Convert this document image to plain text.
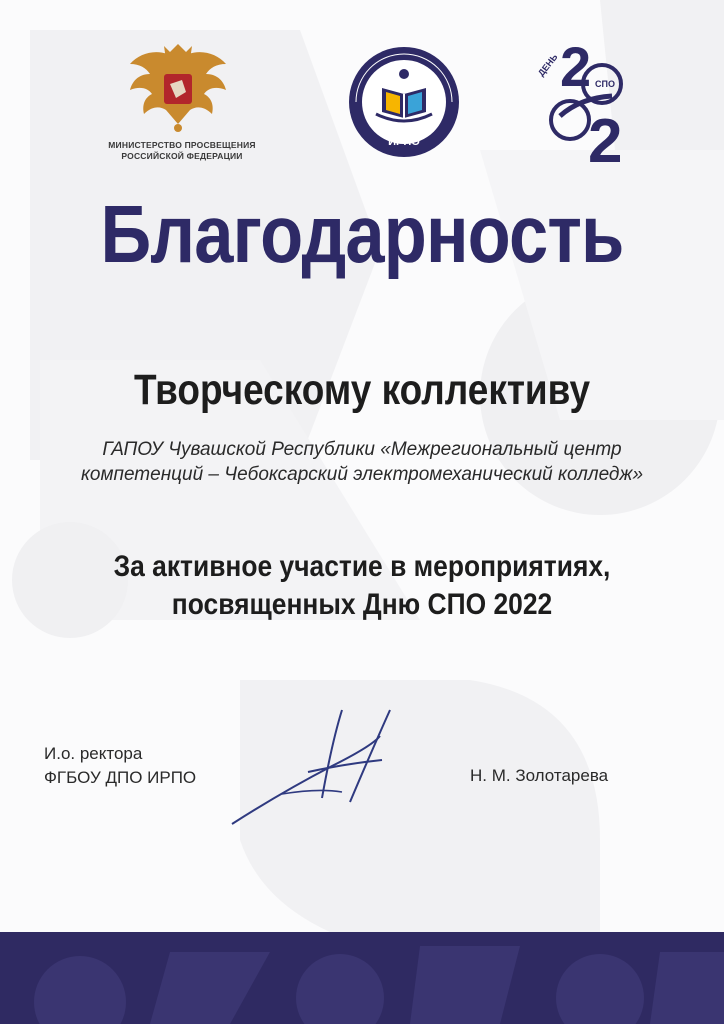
МИНИСТЕРСТВО ПРОСВЕЩЕНИЯ
РОССИЙСКОЙ ФЕДЕРАЦИИ
ИРПО
2
2
ДЕНЬ
СПО
Благодарность
Творческому коллективу
ГАПОУ Чувашской Республики «Межрегиональный центр компетенций – Чебоксарский электромеханический колледж»
За активное участие в мероприятиях, посвященных Дню СПО 2022
И.о. ректора
ФГБОУ ДПО ИРПО	Н. М. Золотарева
